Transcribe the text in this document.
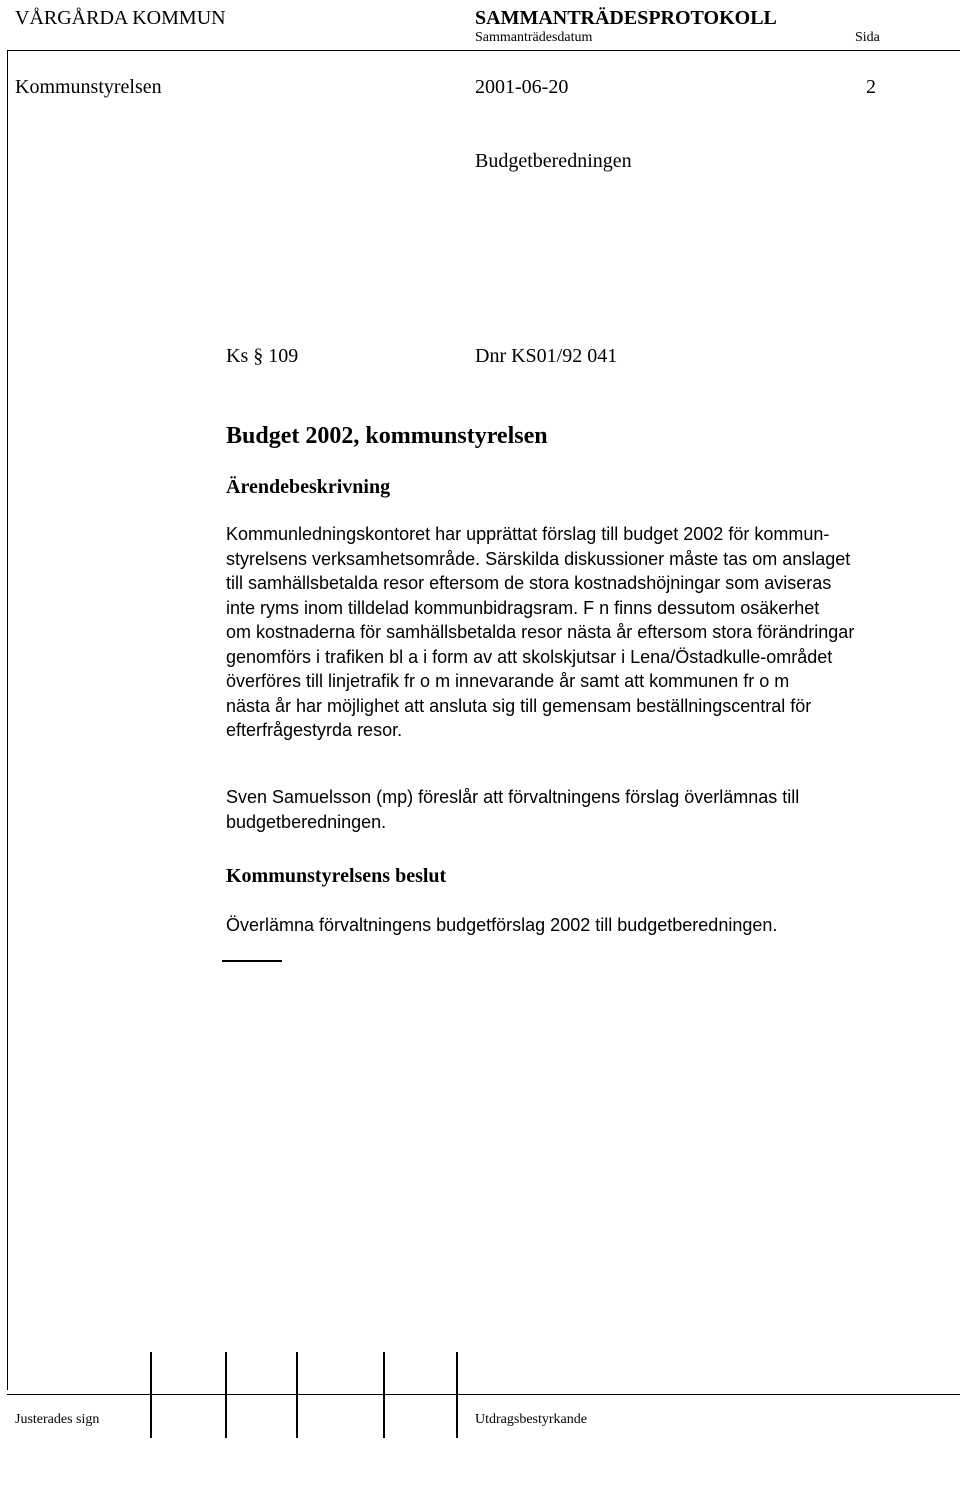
VÅRGÅRDA KOMMUN	SAMMANTRÄDESPROTOKOLL
Sammanträdesdatum	Sida
Kommunstyrelsen	2001-06-20	2
Budgetberedningen
Ks § 109	Dnr KS01/92 041
Budget 2002, kommunstyrelsen
Ärendebeskrivning
Kommunledningskontoret har upprättat förslag till budget 2002 för kommun-
styrelsens verksamhetsområde. Särskilda diskussioner måste tas om anslaget
till samhällsbetalda resor eftersom de stora kostnadshöjningar som aviseras
inte ryms inom tilldelad kommunbidragsram. F n finns dessutom osäkerhet
om kostnaderna för samhällsbetalda resor nästa år eftersom stora förändringar
genomförs i trafiken bl a i form av att skolskjutsar i Lena/Östadkulle-området
överföres till linjetrafik fr o m innevarande år samt att kommunen fr o m
nästa år har möjlighet att ansluta sig till gemensam beställningscentral för
efterfrågestyrda resor.
Sven Samuelsson (mp) föreslår att förvaltningens förslag överlämnas till
budgetberedningen.
Kommunstyrelsens beslut
Överlämna förvaltningens budgetförslag 2002 till budgetberedningen.
Justerades sign	Utdragsbestyrkande
